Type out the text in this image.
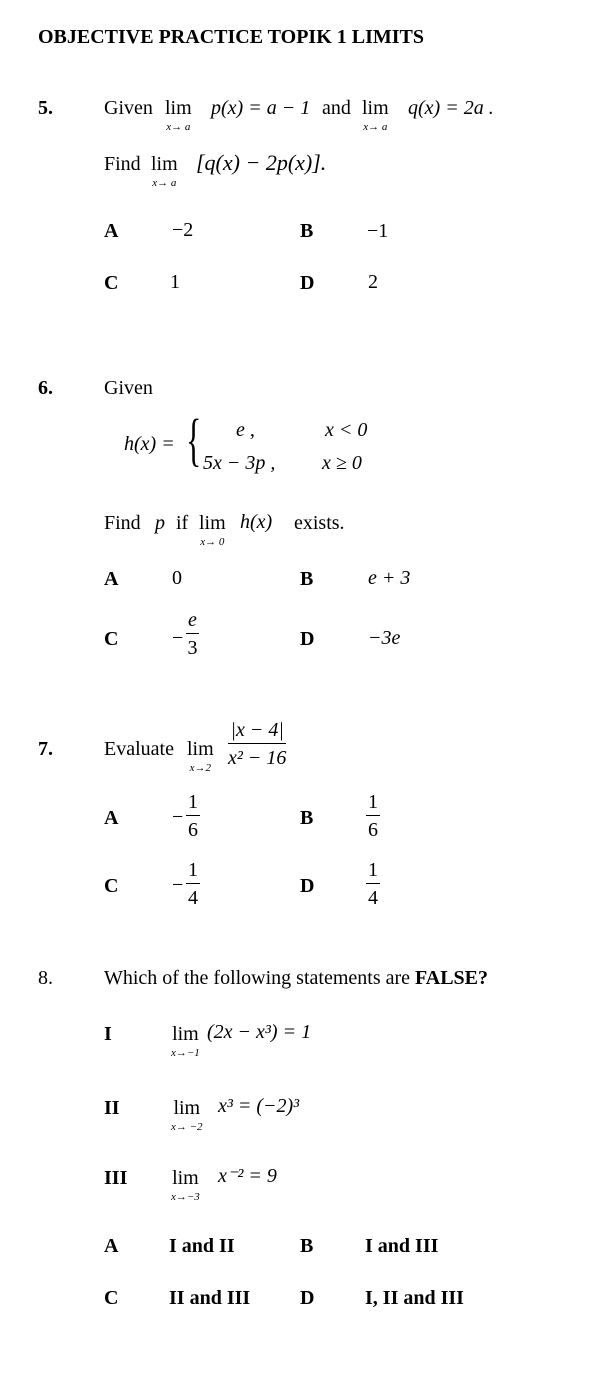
OBJECTIVE PRACTICE TOPIK 1 LIMITS
5.	Given lim
x→ a
p(x) = a − 1 and lim
x→ a
q(x) = 2a .
Find lim
x→ a
[q(x) − 2p(x)].
A	−2	B	−1
C	1	D	2
6.	Given
h(x) = { e ,	x < 0
5x − 3p , x ≥ 0
Find p if lim
x→ 0
h(x) exists.
A	0	B	e + 3
C	− $\frac{e}{3}$	D	−3e
7.	Evaluate lim
$x\to 2 \frac{|x - 4|}{\text{x² − 16}}$
A	− $\frac{1}{6}$	B	$\frac{1}{6}$
C	− $\frac{1}{4}$	D	$\frac{1}{4}$
8.	Which of the following statements are FALSE?
I	lim
x→−1
(2x − x³) = 1
II	lim
x→ −2
x³ = (−2)³
III lim
x→−3
x⁻² = 9
A	I and II	B	I and III
C	II and III D	I, II and III
